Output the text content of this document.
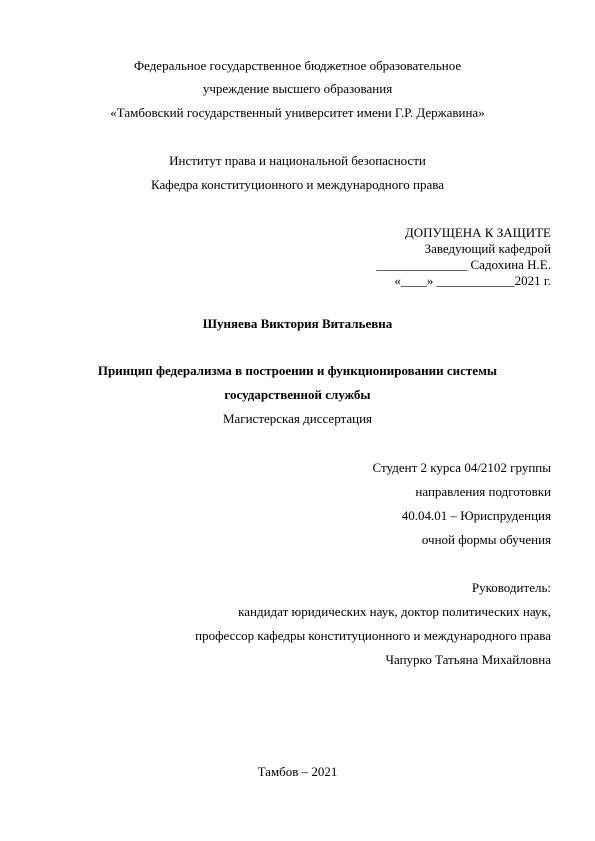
Федеральное государственное бюджетное образовательное
учреждение высшего образования
«Тамбовский государственный университет имени Г.Р. Державина»
Институт права и национальной безопасности
Кафедра конституционного и международного права
ДОПУЩЕНА К ЗАЩИТЕ
Заведующий кафедрой
______________ Садохина Н.Е.
«____» ____________2021 г.
Шуняева Виктория Витальевна
Принцип федерализма в построении и функционировании системы
государственной службы
Магистерская диссертация
Студент 2 курса 04/2102 группы
направления подготовки
40.04.01 – Юриспруденция
очной формы обучения
Руководитель:
кандидат юридических наук, доктор политических наук,
профессор кафедры конституционного и международного права
Чапурко Татьяна Михайловна
Тамбов – 2021
